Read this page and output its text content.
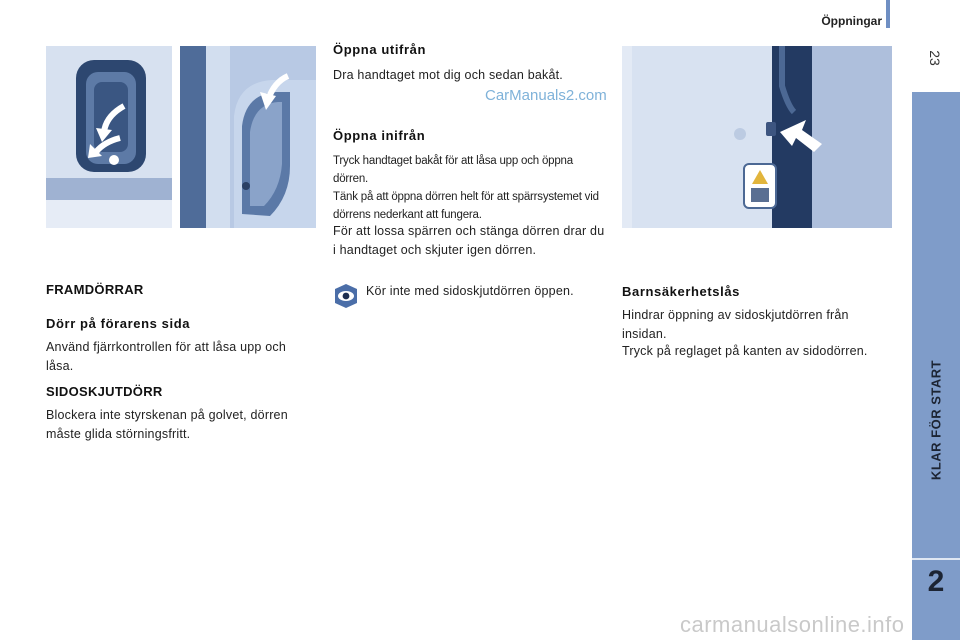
Öppningar
23
KLAR FÖR START
2
CarManuals2.com
carmanualsonline.info
FRAMDÖRRAR
Dörr på förarens sida
Använd fjärrkontrollen för att låsa upp och låsa.
SIDOSKJUTDÖRR
Blockera inte styrskenan på golvet, dörren måste glida störningsfritt.
Öppna utifrån
Dra handtaget mot dig och sedan bakåt.
Öppna inifrån
Tryck handtaget bakåt för att låsa upp och öppna dörren.
Tänk på att öppna dörren helt för att spärrsystemet vid dörrens nederkant att fungera.
För att lossa spärren och stänga dörren drar du i handtaget och skjuter igen dörren.
Kör inte med sidoskjutdörren öppen.	Barnsäkerhetslås
Hindrar öppning av sidoskjutdörren från insidan.
Tryck på reglaget på kanten av sidodörren.
